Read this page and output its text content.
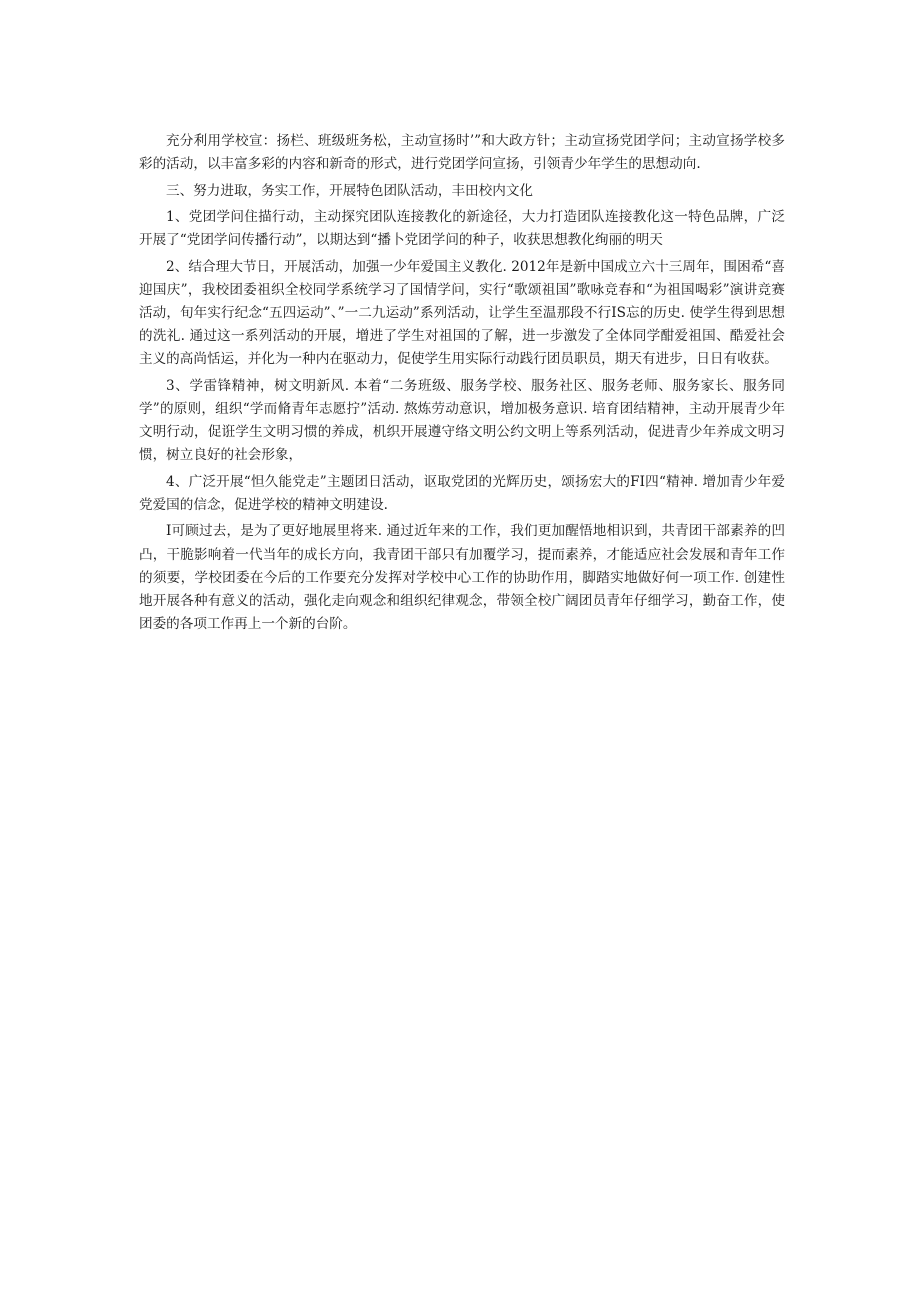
充分利用学校宣：扬栏、班级班务松，主动宣扬时’”和大政方针；主动宣扬党团学问；主动宣扬学校多彩的活动，以丰富多彩的内容和新奇的形式，进行党团学问宣扬，引领青少年学生的思想动向.

三、努力进取，务实工作，开展特色团队活动，丰田校内文化

1、党团学问住描行动，主动探究团队连接教化的新途径，大力打造团队连接教化这一特色品牌，广泛开展了“党团学问传播行动”，以期达到“播卜党团学问的种子，收获思想教化绚丽的明天

2、结合理大节日，开展活动，加强一少年爱国主义教化. 2012年是新中国成立六十三周年，围困希“喜迎国庆”，我校团委祖织全校同学系统学习了国情学问，实行“歌颂祖国”歌咏竞春和“为祖国喝彩”演讲竞赛活动，旬年实行纪念“五四运动”、”一二九运动”系列活动，让学生至温那段不行IS忘的历史. 使学生得到思想的洗礼. 通过这一系列活动的开展，增进了学生对祖国的了解，进一步激发了全体同学酣爱祖国、酷爱社会主义的高尚恬运，并化为一种内在驱动力，促使学生用实际行动践行团员职员，期天有进步，日日有收获。

3、学雷锋精神，树文明新风. 本着“二务班级、服务学校、服务社区、服务老师、服务家长、服务同学”的原则，组织“学而脩青年志愿拧”活动. 熬炼劳动意识，增加极务意识. 培育团结精神，主动开展青少年文明行动，促诳学生文明习惯的养成，机织开展遵守络文明公约文明上等系列活动，促进青少年养成文明习惯，树立良好的社会形象，

4、广泛开展“怛久能党走”主题团日活动，讴取党团的光辉历史，颂扬宏大的FI四“精神. 增加青少年爱党爱国的信念，促进学校的精神文明建设.

I可顾过去，是为了更好地展里将来. 通过近年来的工作，我们更加醒悟地相识到，共青团干部素养的凹凸，干脆影响着一代当年的成长方向，我青团干部只有加覆学习，提而素养，才能适应社会发展和青年工作的须要，学校团委在今后的工作要充分发挥对学校中心工作的协助作用，脚踏实地做好何一项工作. 创建性地开展各种有意义的活动，强化走向观念和组织纪律观念，带领全校广阔团员青年仔细学习，勤奋工作，使团委的各项工作再上一个新的台阶。
